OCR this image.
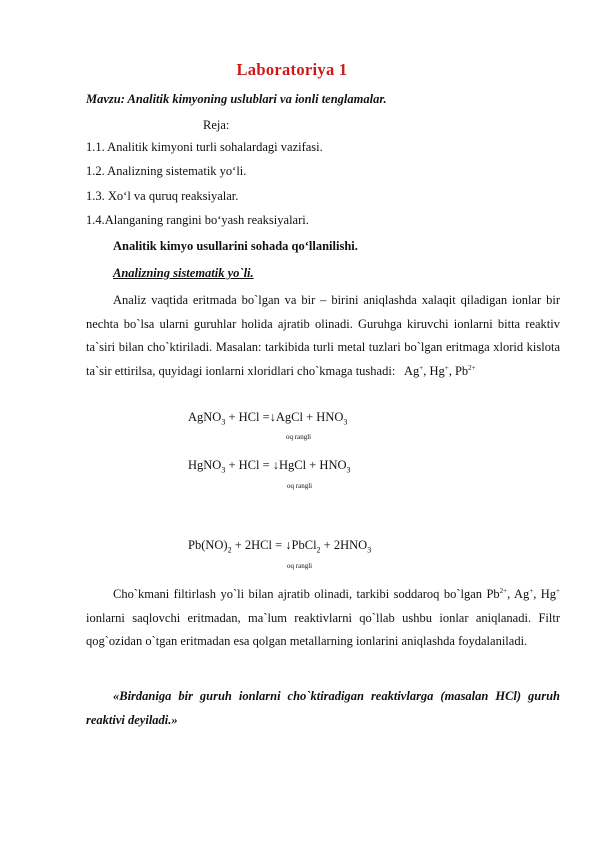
Laboratoriya 1
Mavzu: Analitik kimyoning uslublari va ionli tenglamalar.
Reja:
1.1. Analitik kimyoni turli sohalardagi vazifasi.
1.2. Analizning sistematik yo‘li.
1.3. Xo‘l va quruq reaksiyalar.
1.4.Alanganing rangini bo‘yash reaksiyalari.
Analitik kimyo usullarini sohada qo‘llanilishi.
Analizning sistematik yo`li.
Analiz vaqtida eritmada bo`lgan va bir – birini aniqlashda xalaqit qiladigan ionlar bir nechta bo`lsa ularni guruhlar holida ajratib olinadi. Guruhga kiruvchi ionlarni bitta reaktiv ta`siri bilan cho`ktiriladi. Masalan: tarkibida turli metal tuzlari bo`lgan eritmaga xlorid kislota ta`sir ettirilsa, quyidagi ionlarni xloridlari cho`kmaga tushadi: Ag+, Hg+, $Pb^{2+}$
AgNO$_3$ + HCl =↓AgCl + $HNO_3$
oq rangli
HgNO$_3$ + HCl = ↓HgCl + $HNO_3$
oq rangli
$Pb(NO)_2 + 2HCl$ = ↓PbCl$_2$ + $2HNO_3$
oq rangli
Cho`kmani filtirlash yo`li bilan ajratib olinadi, tarkibi soddaroq bo`lgan $Pb^{2+}$, Ag+, Hg+ ionlarni saqlovchi eritmadan, ma`lum reaktivlarni qo`llab ushbu ionlar aniqlanadi. Filtr qog`ozidan o`tgan eritmadan esa qolgan metallarning ionlarini aniqlashda foydalaniladi.
«Birdaniga bir guruh ionlarni cho`ktiradigan reaktivlarga (masalan HCl) guruh reaktivi deyiladi.»
